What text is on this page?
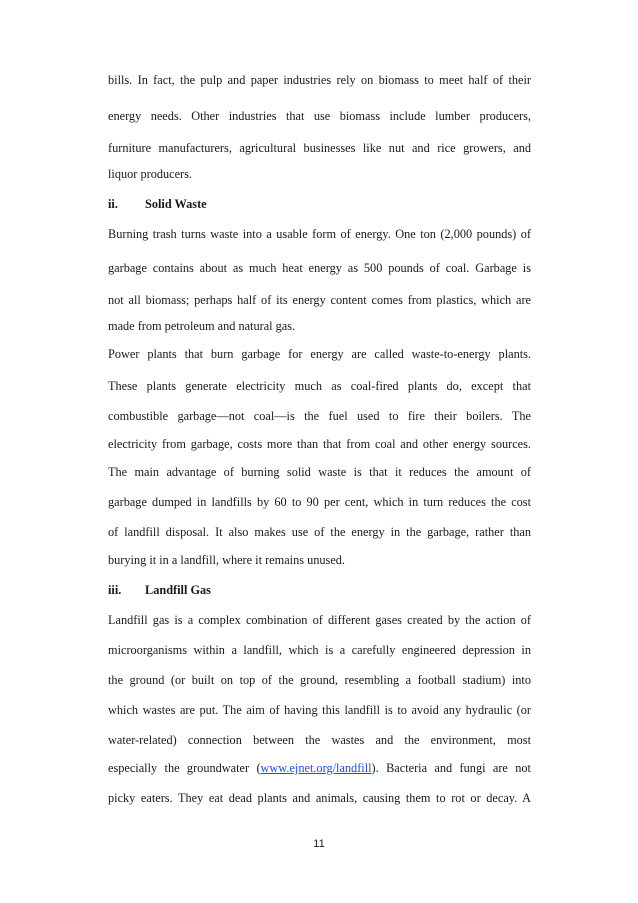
bills. In fact, the pulp and paper industries rely on biomass to meet half of their
energy needs. Other industries that use biomass include lumber producers,
furniture manufacturers, agricultural businesses like nut and rice growers, and
liquor producers.
ii. Solid Waste
Burning trash turns waste into a usable form of energy. One ton (2,000 pounds) of
garbage contains about as much heat energy as 500 pounds of coal. Garbage is
not all biomass; perhaps half of its energy content comes from plastics, which are
made from petroleum and natural gas.
Power plants that burn garbage for energy are called waste-to-energy plants.
These plants generate electricity much as coal-fired plants do, except that
combustible garbage—not coal—is the fuel used to fire their boilers. The
electricity from garbage, costs more than that from coal and other energy sources.
The main advantage of burning solid waste is that it reduces the amount of
garbage dumped in landfills by 60 to 90 per cent, which in turn reduces the cost
of landfill disposal. It also makes use of the energy in the garbage, rather than
burying it in a landfill, where it remains unused.
iii. Landfill Gas
Landfill gas is a complex combination of different gases created by the action of
microorganisms within a landfill, which is a carefully engineered depression in
the ground (or built on top of the ground, resembling a football stadium) into
which wastes are put. The aim of having this landfill is to avoid any hydraulic (or
water-related) connection between the wastes and the environment, most
especially the groundwater (www.ejnet.org/landfill). Bacteria and fungi are not
picky eaters. They eat dead plants and animals, causing them to rot or decay. A
11
